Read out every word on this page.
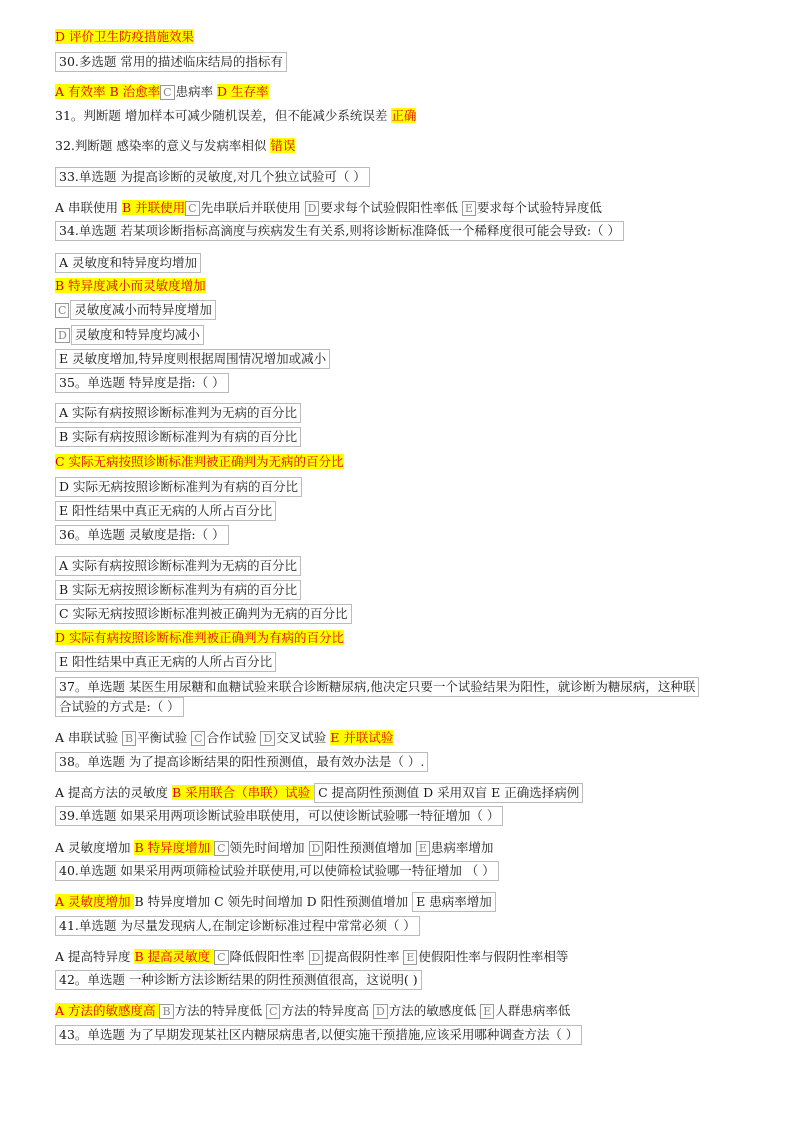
D 评价卫生防疫措施效果
30.多选题 常用的描述临床结局的指标有
A 有效率 B 治愈率 C 患病率 D 生存率
31。判断题 增加样本可减少随机误差，但不能减少系统误差 正确
32.判断题 感染率的意义与发病率相似 错误
33.单选题 为提高诊断的灵敏度,对几个独立试验可（ ）
A 串联使用 B 并联使用 C 先串联后并联使用 D 要求每个试验假阳性率低 E 要求每个试验特异度低
34.单选题 若某项诊断指标高滴度与疾病发生有关系,则将诊断标准降低一个稀释度很可能会导致:（ ）
A 灵敏度和特异度均增加
B 特异度减小而灵敏度增加
C 灵敏度减小而特异度增加
D 灵敏度和特异度均减小
E 灵敏度增加,特异度则根据周围情况增加或减小
35。单选题 特异度是指:（ ）
A 实际有病按照诊断标准判为无病的百分比
B 实际有病按照诊断标准判为有病的百分比
C 实际无病按照诊断标准判被正确判为无病的百分比
D 实际无病按照诊断标准判为有病的百分比
E 阳性结果中真正无病的人所占百分比
36。单选题 灵敏度是指:（ ）
A 实际有病按照诊断标准判为无病的百分比
B 实际无病按照诊断标准判为有病的百分比
C 实际无病按照诊断标准判被正确判为无病的百分比
D 实际有病按照诊断标准判被正确判为有病的百分比
E 阳性结果中真正无病的人所占百分比
37。单选题 某医生用尿糖和血糖试验来联合诊断糖尿病,他决定只要一个试验结果为阳性，就诊断为糖尿病，这种联
合试验的方式是:（ ）
A 串联试验 B 平衡试验 C 合作试验 D 交叉试验 E 并联试验
38。单选题 为了提高诊断结果的阳性预测值，最有效办法是（ ）.
A 提高方法的灵敏度 B 采用联合（串联）试验 C 提高阴性预测值 D 采用双盲 E 正确选择病例
39.单选题 如果采用两项诊断试验串联使用，可以使诊断试验哪一特征增加（ ）
A 灵敏度增加 B 特异度增加 C 领先时间增加 D 阳性预测值增加 E 患病率增加
40.单选题 如果采用两项筛检试验并联使用,可以使筛检试验哪一特征增加 （ ）
A 灵敏度增加 B 特异度增加 C 领先时间增加 D 阳性预测值增加 E 患病率增加
41.单选题 为尽量发现病人,在制定诊断标准过程中常常必须（ ）
A 提高特异度 B 提高灵敏度 C 降低假阳性率 D 提高假阴性率 E 使假阳性率与假阴性率相等
42。单选题 一种诊断方法诊断结果的阴性预测值很高，这说明( )
A 方法的敏感度高 B 方法的特异度低 C 方法的特异度高 D 方法的敏感度低 E 人群患病率低
43。单选题 为了早期发现某社区内糖尿病患者,以便实施干预措施,应该采用哪种调查方法（ ）
